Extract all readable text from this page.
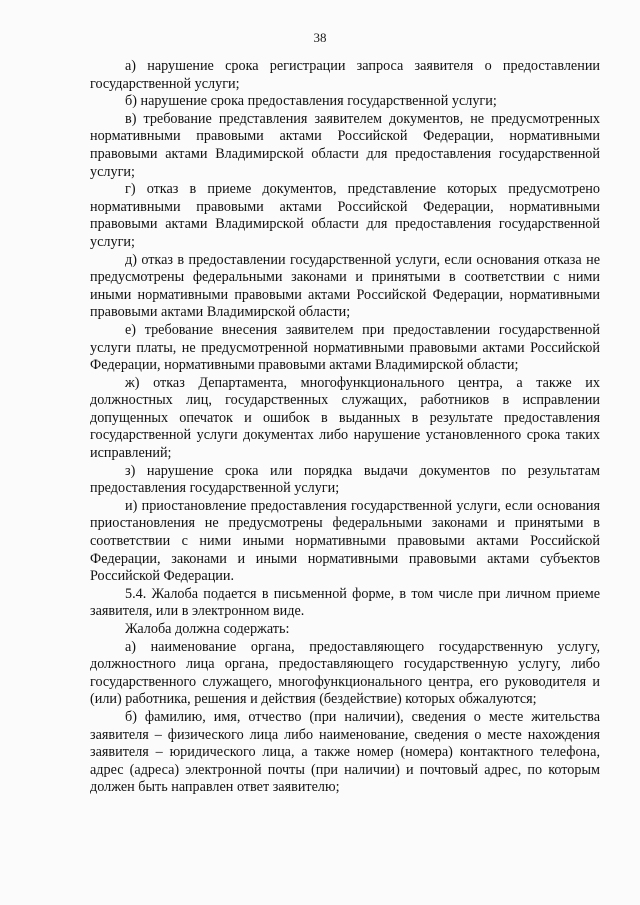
38

а) нарушение срока регистрации запроса заявителя о предоставлении государственной услуги;

б) нарушение срока предоставления государственной услуги;

в) требование представления заявителем документов, не предусмотренных нормативными правовыми актами Российской Федерации, нормативными правовыми актами Владимирской области для предоставления государственной услуги;

г) отказ в приеме документов, представление которых предусмотрено нормативными правовыми актами Российской Федерации, нормативными правовыми актами Владимирской области для предоставления государственной услуги;

д) отказ в предоставлении государственной услуги, если основания отказа не предусмотрены федеральными законами и принятыми в соответствии с ними иными нормативными правовыми актами Российской Федерации, нормативными правовыми актами Владимирской области;

е) требование внесения заявителем при предоставлении государственной услуги платы, не предусмотренной нормативными правовыми актами Российской Федерации, нормативными правовыми актами Владимирской области;

ж) отказ Департамента, многофункционального центра, а также их должностных лиц, государственных служащих, работников в исправлении допущенных опечаток и ошибок в выданных в результате предоставления государственной услуги документах либо нарушение установленного срока таких исправлений;

з) нарушение срока или порядка выдачи документов по результатам предоставления государственной услуги;

и) приостановление предоставления государственной услуги, если основания приостановления не предусмотрены федеральными законами и принятыми в соответствии с ними иными нормативными правовыми актами Российской Федерации, законами и иными нормативными правовыми актами субъектов Российской Федерации.

5.4. Жалоба подается в письменной форме, в том числе при личном приеме заявителя, или в электронном виде.

Жалоба должна содержать:

а) наименование органа, предоставляющего государственную услугу, должностного лица органа, предоставляющего государственную услугу, либо государственного служащего, многофункционального центра, его руководителя и (или) работника, решения и действия (бездействие) которых обжалуются;

б) фамилию, имя, отчество (при наличии), сведения о месте жительства заявителя – физического лица либо наименование, сведения о месте нахождения заявителя – юридического лица, а также номер (номера) контактного телефона, адрес (адреса) электронной почты (при наличии) и почтовый адрес, по которым должен быть направлен ответ заявителю;
